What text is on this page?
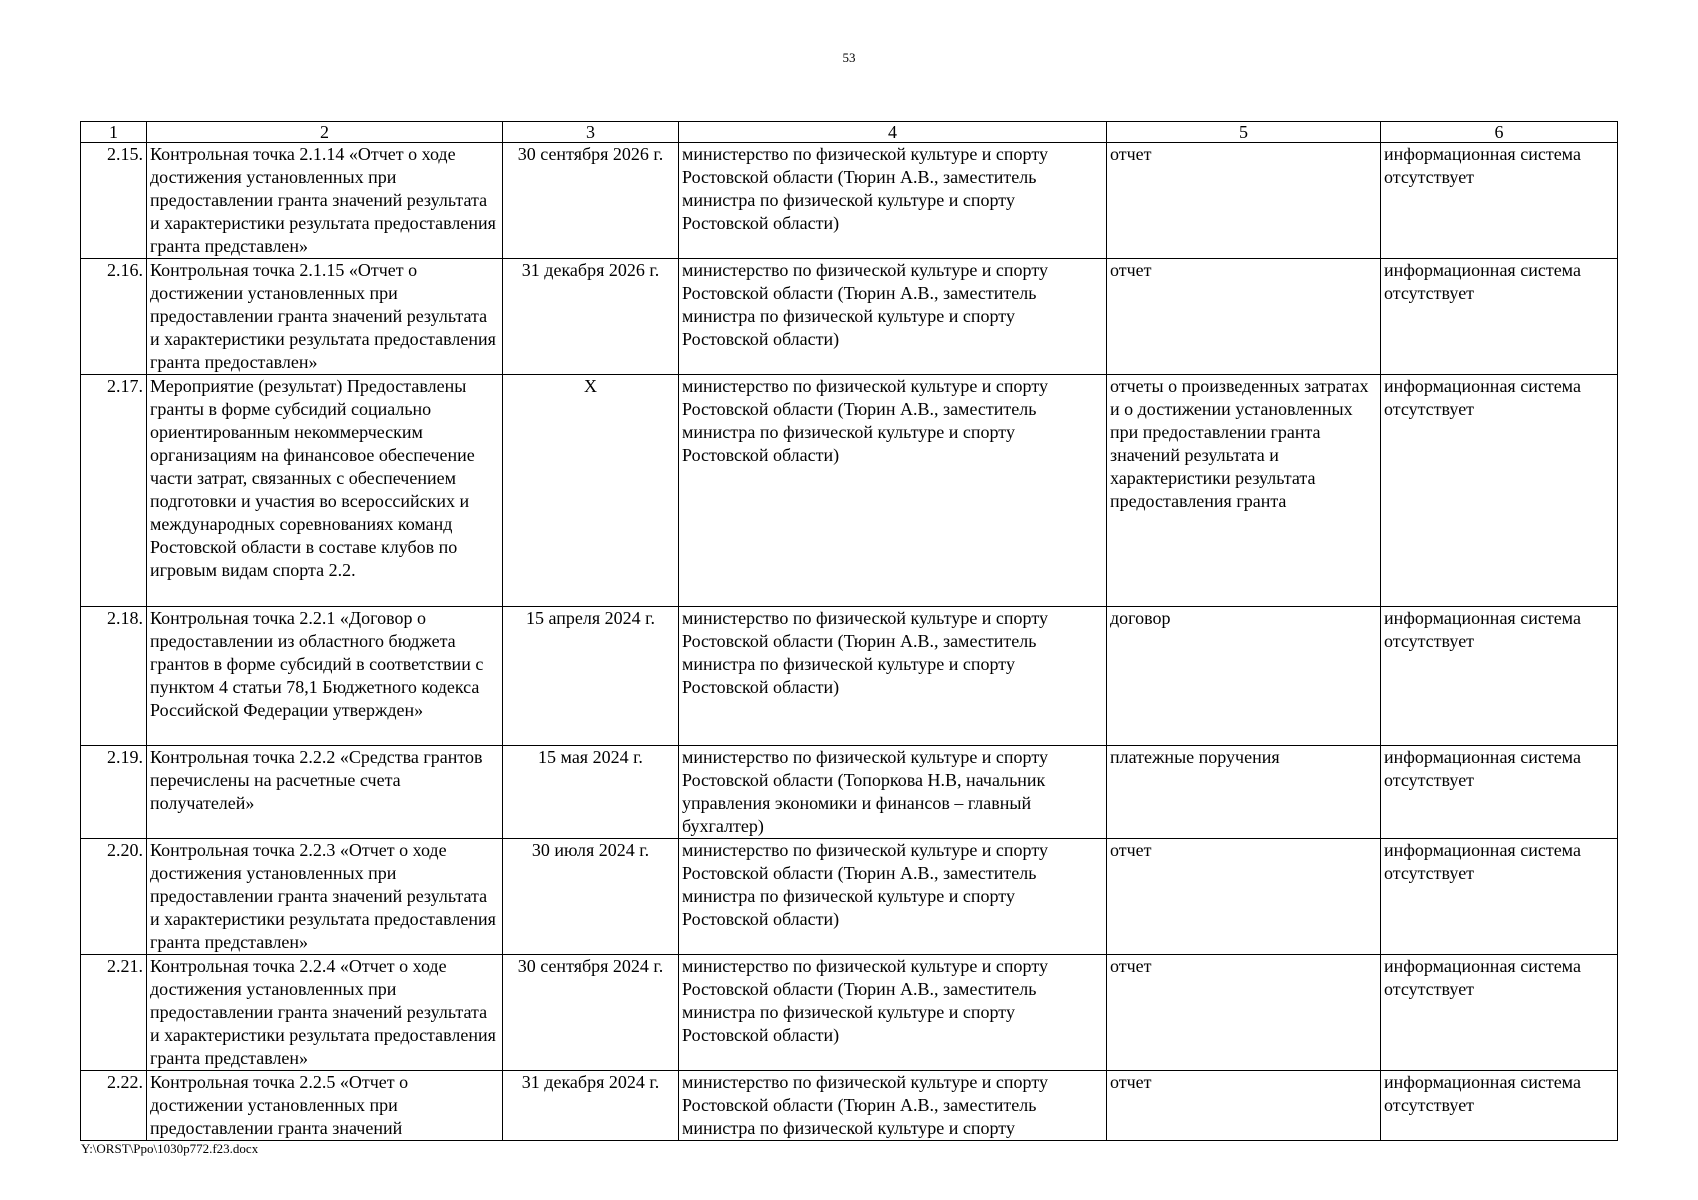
53
1	2	3	4	5	6
2.15.	Контрольная точка 2.1.14 «Отчет о ходе достижения установленных при предоставлении гранта значений результата и характеристики результата предоставления гранта представлен»	30 сентября 2026 г.	министерство по физической культуре и спорту Ростовской области (Тюрин А.В., заместитель министра по физической культуре и спорту Ростовской области)	отчет	информационная система отсутствует
2.16.	Контрольная точка 2.1.15 «Отчет о достижении установленных при предоставлении гранта значений результата и характеристики результата предоставления гранта предоставлен»	31 декабря 2026 г.	министерство по физической культуре и спорту Ростовской области (Тюрин А.В., заместитель министра по физической культуре и спорту Ростовской области)	отчет	информационная система отсутствует
2.17.	Мероприятие (результат) Предоставлены гранты в форме субсидий социально ориентированным некоммерческим организациям на финансовое обеспечение части затрат, связанных с обеспечением подготовки и участия во всероссийских и международных соревнованиях команд Ростовской области в составе клубов по игровым видам спорта 2.2.	X	министерство по физической культуре и спорту Ростовской области (Тюрин А.В., заместитель министра по физической культуре и спорту Ростовской области)	отчеты о произведенных затратах и о достижении установленных при предоставлении гранта значений результата и характеристики результата предоставления гранта	информационная система отсутствует
2.18.	Контрольная точка 2.2.1 «Договор о предоставлении из областного бюджета грантов в форме субсидий в соответствии с пунктом 4 статьи 78,1 Бюджетного кодекса Российской Федерации утвержден»	15 апреля 2024 г.	министерство по физической культуре и спорту Ростовской области (Тюрин А.В., заместитель министра по физической культуре и спорту Ростовской области)	договор	информационная система отсутствует
2.19.	Контрольная точка 2.2.2 «Средства грантов перечислены на расчетные счета получателей»	15 мая 2024 г.	министерство по физической культуре и спорту Ростовской области (Топоркова Н.В, начальник управления экономики и финансов – главный бухгалтер)	платежные поручения	информационная система отсутствует
2.20.	Контрольная точка 2.2.3 «Отчет о ходе достижения установленных при предоставлении гранта значений результата и характеристики результата предоставления гранта представлен»	30 июля 2024 г.	министерство по физической культуре и спорту Ростовской области (Тюрин А.В., заместитель министра по физической культуре и спорту Ростовской области)	отчет	информационная система отсутствует
2.21.	Контрольная точка 2.2.4 «Отчет о ходе достижения установленных при предоставлении гранта значений результата и характеристики результата предоставления гранта представлен»	30 сентября 2024 г.	министерство по физической культуре и спорту Ростовской области (Тюрин А.В., заместитель министра по физической культуре и спорту Ростовской области)	отчет	информационная система отсутствует
2.22.	Контрольная точка 2.2.5 «Отчет о достижении установленных при предоставлении гранта значений	31 декабря 2024 г.	министерство по физической культуре и спорту Ростовской области (Тюрин А.В., заместитель министра по физической культуре и спорту	отчет	информационная система отсутствует
Y:\ORST\Ppo\1030p772.f23.docx
